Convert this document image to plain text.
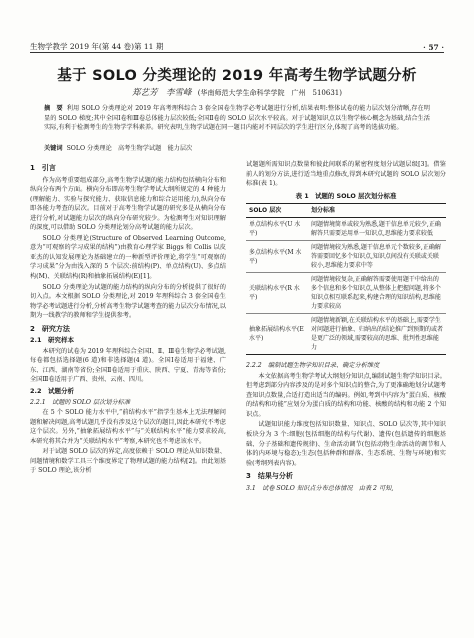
生物学教学 2019 年(第 44 卷)第 11 期	· 57 ·
基于 SOLO 分类理论的 2019 年高考生物学试题分析
郑艺芳　李雪峰 (华南师范大学生命科学学院　广州　510631)
摘　要 利用 SOLO 分类理论对 2019 年高考理科综合 3 套全国卷生物学必考试题进行分析,结果表明:整体试卷的能力层次划分清晰,存在明显的 SOLO 梯度;其中全国Ⅰ卷和Ⅲ卷总体能力层次较低;全国Ⅱ卷的 SOLO 层次水平较高。对于试题知识点以生物学核心概念为基础,结合生活实际,有利于检测考生的生物学学科素养。研究表明,生物学试题在同一题目内能对不同层次的学生进行区分,体现了高考的选拔功能。
关键词 SOLO 分类理论　高考生物学试题　能力层次
1　引言

作为高考重要组成部分,高考生物学试题的能力结构包括横向分布和纵向分布两个方面。横向分布即高考生物学考试大纲所规定的 4 种能力(理解能力、实验与探究能力、获取信息能力和综合运用能力),纵向分布即各能力考查的层次。目前对于高考生物学试题的研究多是从横向分布进行分析,对试题能力层次的纵向分布研究较少。为检测考生对知识理解的深度,可以借助 SOLO 分类理论划分高考试题的能力层次。

SOLO 分类理论(Structure of Observed Learning Outcome,意为“可观察的学习成果的结构”)由教育心理学家 Biggs 和 Collis 以皮亚杰的认知发展理论为基础建立的一种新型评价理论,将学生“可观察的学习成果”分为由浅入深的 5 个层次:前结构(P)、单点结构(U)、多点结构(M)、关联结构(R)和抽象拓展结构(E)[1]。

SOLO 分类理论为试题的能力结构的纵向分布的分析提供了很好的切入点。本文根据 SOLO 分类理论,对 2019 年理科综合 3 套全国卷生物学必考试题进行分析,分析高考生物学试题考查的能力层次分布情况,以期为一线教学的教师和学生提供参考。

2　研究方法
2.1　研究样本

本研究的试卷为 2019 年理科综合全国Ⅰ、Ⅱ、Ⅲ卷生物学必考试题,每卷都包括选择题(6 道)和非选择题(4 道)。全国Ⅰ卷适用于福建、广东、江西、湖南等省份;全国Ⅱ卷适用于重庆、陕西、宁夏、青海等省份;全国Ⅲ卷适用于广西、贵州、云南、四川。

2.2　试题分析
2.2.1　试题的 SOLO 层次划分标准

在 5 个 SOLO 能力水平中,“前结构水平”指学生基本上无法理解问题和解决问题,高考试题几乎没有涉及这个层次的题目,因此本研究不考虑这个层次。另外,“抽象拓展结构水平”与“关联结构水平”能力要求较高,本研究将其合并为“关联结构水平”考察,本研究也不考虑该水平。

对于试题 SOLO 层次的界定,高度依赖于 SOLO 理论从知识数量、问题情境和数学工具三个维度界定了物理试题的能力结构[2]。由此划基于 SOLO 理论,该分析

试题题所需知识点数量和彼此间联系的紧密程度划分试题层级[3]。借鉴前人的划分方法,进行适当地重点修改,得到本研究试题的 SOLO 层次划分标准(表 1)。

表 1　试题的 SOLO 层次划分标准
SOLO 层次	划分标准
单点结构水平(U 水平)	问题情境简单或较为熟悉,题干信息单元较少,正确解答只需要运用单一知识点,思维能力要求较低
多点结构水平(M 水平)	问题情境较为熟悉,题干信息单元个数较多,正确解答需要回忆多个知识点,知识点间没有关联或关联较小,思维能力要求中等
关联结构水平(R 水平)	问题情境较复杂,正确解答需要使用题干中给出的多个信息和多个知识点,从整体上把握问题,将多个知识点相互联系起来,构建合理的知识结构,思维能力要求较高
抽象拓展结构水平(E 水平)	问题情境新颖,在关联结构水平的基础上,需要学生对问题进行抽象、归纳出的结论推广到预期的或者是更广泛的领域,需要较高的思维、批判性思维能力
2.2.2　编制试题生物学知识目录、确定分析维度

本文依据高考生物学考试大纲划分知识点,编制试题生物学知识目录。但考虑到部分内容涉及的是对多个知识点的整合,为了更准确地划分试题考查知识点数量,合适打造出适当的编码。例如,考到中内容为“蛋白质、核酸的结构和功能”应划分为蛋白质的结构和功能、核酸的结构和功能 2 个知识点。

试题知识能力维度包括知识数量、知识点、SOLO 层次等,其中知识板块分为 3 个:细胞(包括细胞的结构与代谢)、遗传(包括遗传的细胞基础、分子基础和遗传规律)、生命活动调节(包括动物生命活动的调节和人体的内环境与稳态);生态(包括种群和群落、生态系统、生物与环境)和实验(考纲列表内容)。

3　结果与分析
3.1　试卷 SOLO 知识点分布总体情况　 由表 2 可知,
